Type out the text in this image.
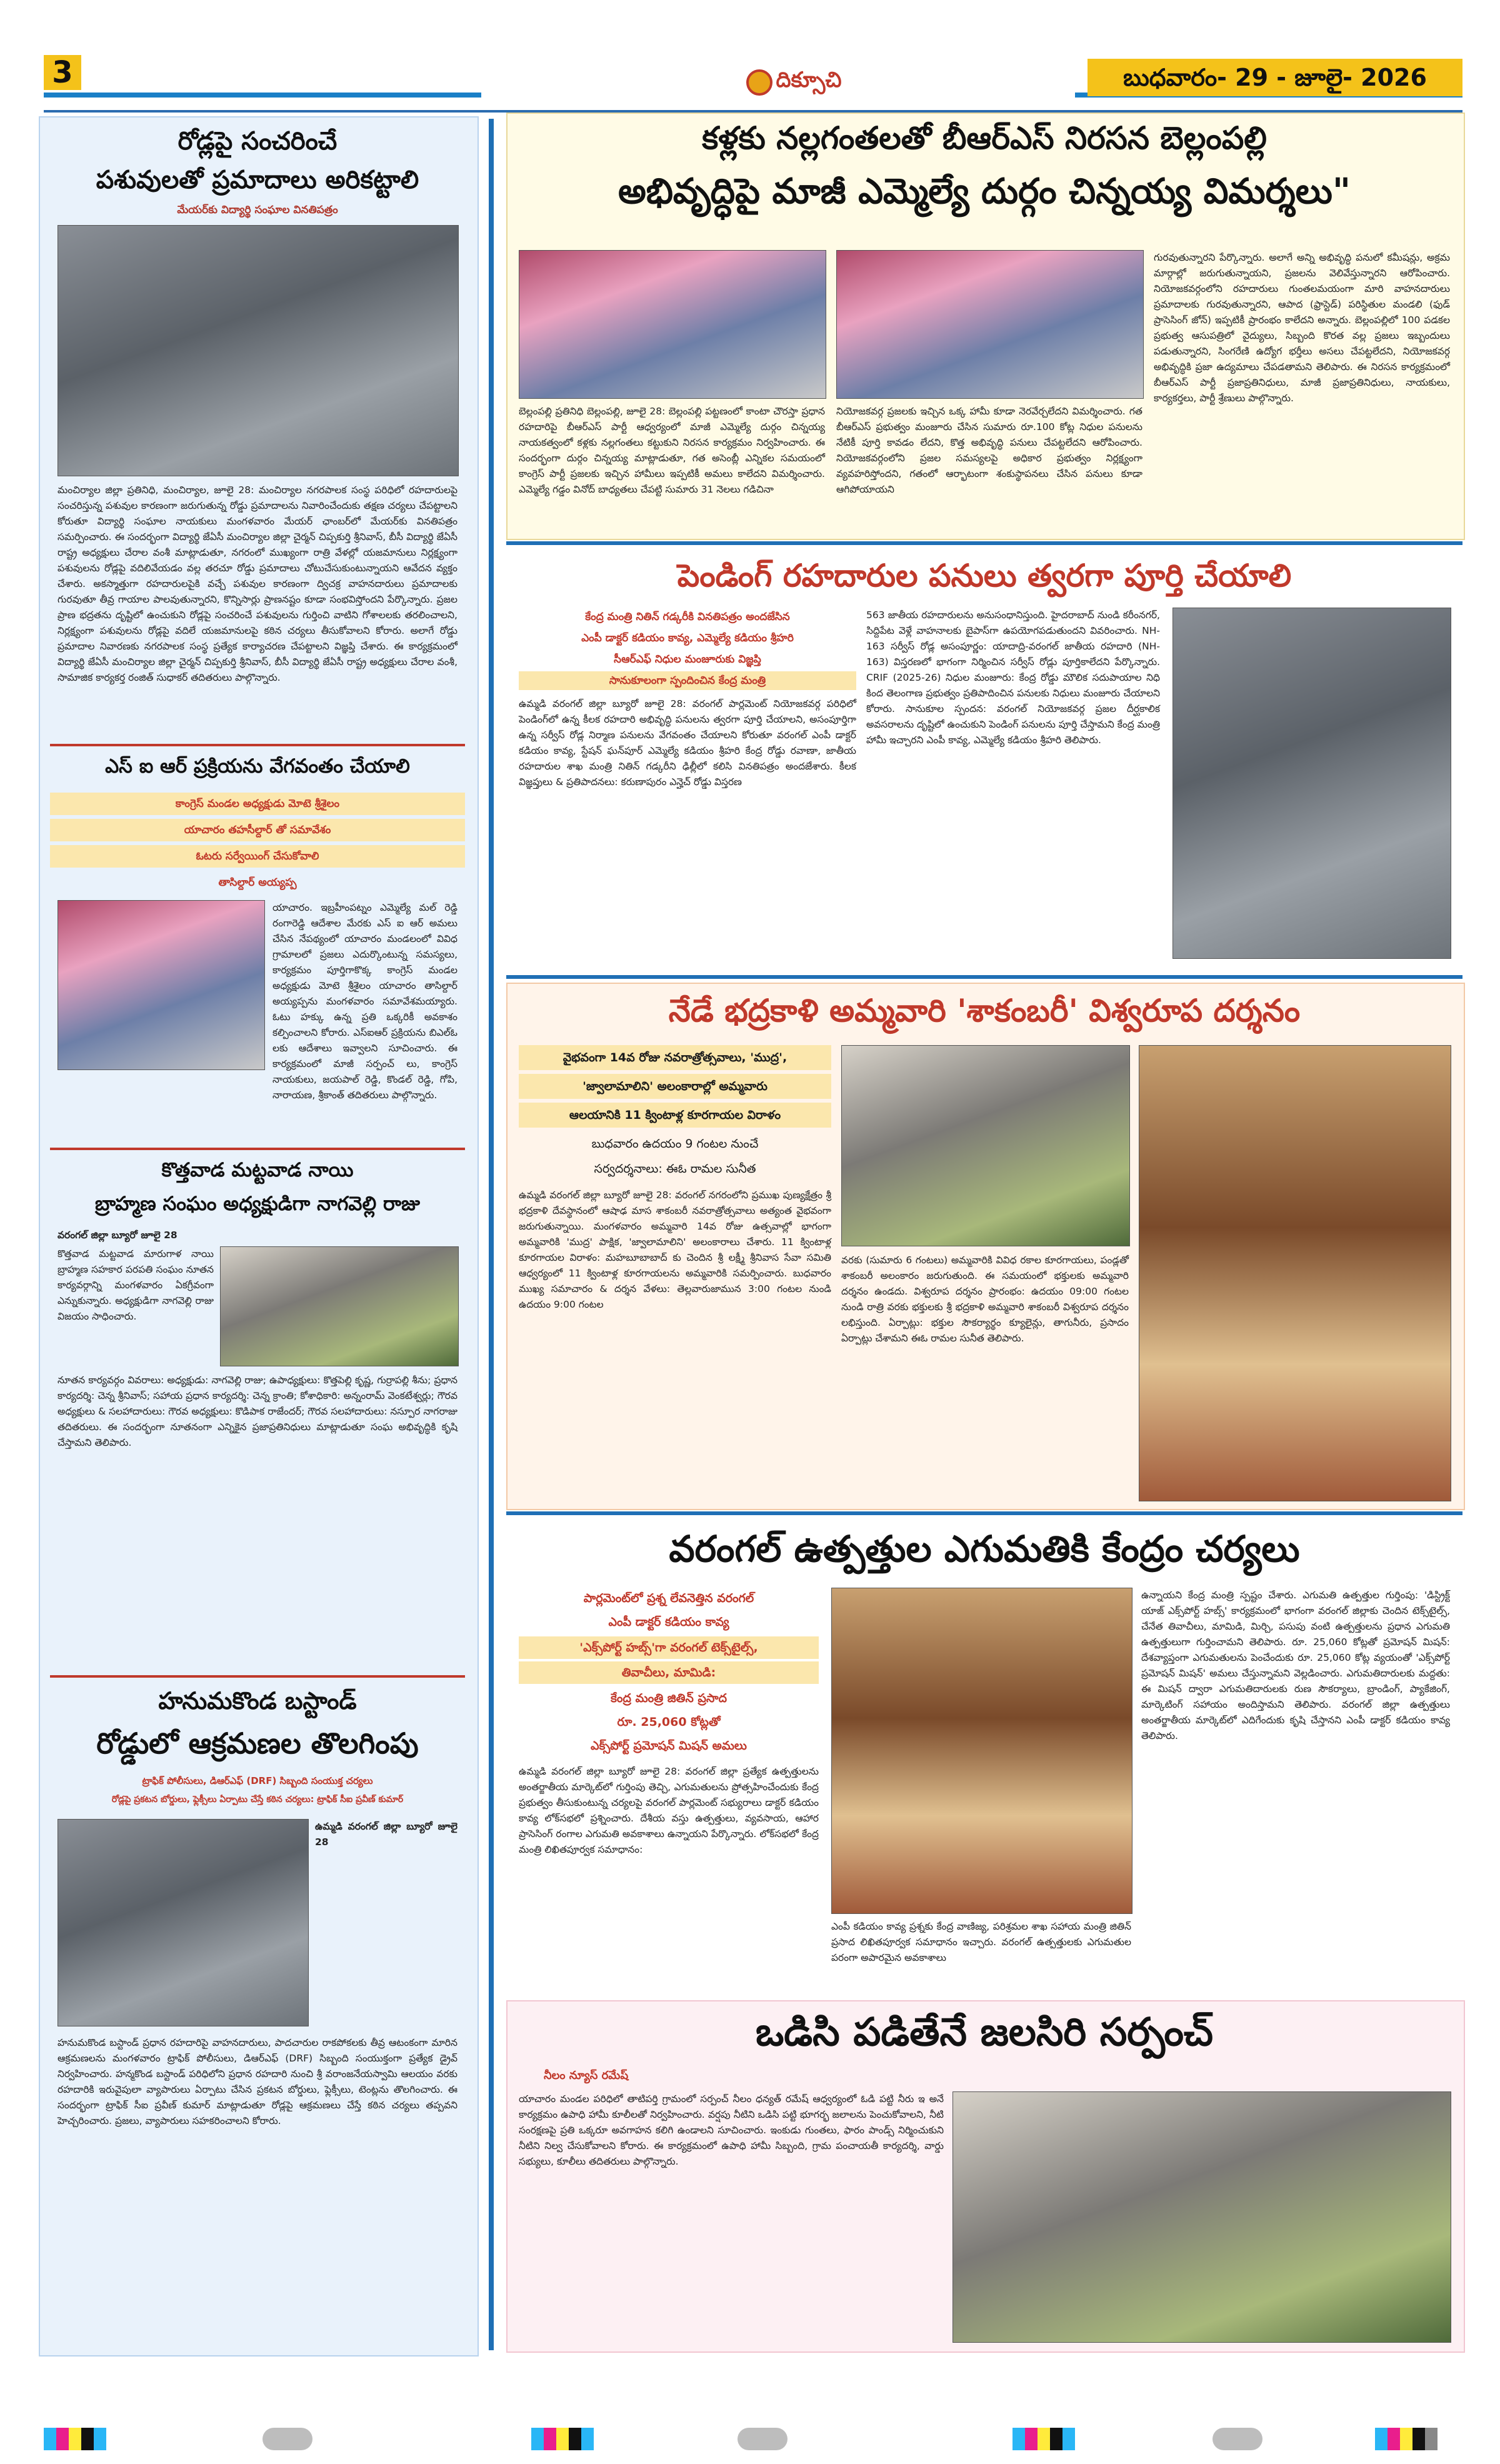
3	దిక్సూచి	బుధవారం- 29 - జూలై- 2026
రోడ్లపై సంచరించే
పశువులతో ప్రమాదాలు అరికట్టాలి
మేయర్‌కు విద్యార్థి సంఘాల వినతిపత్రం
మంచిర్యాల జిల్లా ప్రతినిధి, మంచిర్యాల, జూలై 28: మంచిర్యాల నగరపాలక సంస్థ పరిధిలో రహదారులపై సంచరిస్తున్న పశువుల కారణంగా జరుగుతున్న రోడ్డు ప్రమాదాలను నివారించేందుకు తక్షణ చర్యలు చేపట్టాలని కోరుతూ విద్యార్థి సంఘాల నాయకులు మంగళవారం మేయర్ ఛాంబర్‌లో మేయర్‌కు వినతిపత్రం సమర్పించారు. ఈ సందర్భంగా విద్యార్థి జేఏసీ మంచిర్యాల జిల్లా చైర్మన్ చిప్పకుర్తి శ్రీనివాస్, బీసీ విద్యార్థి జేఏసీ రాష్ట్ర అధ్యక్షులు చేరాల వంశీ మాట్లాడుతూ, నగరంలో ముఖ్యంగా రాత్రి వేళల్లో యజమానులు నిర్లక్ష్యంగా పశువులను రోడ్లపై వదిలివేయడం వల్ల తరచూ రోడ్డు ప్రమాదాలు చోటుచేసుకుంటున్నాయని ఆవేదన వ్యక్తం చేశారు. అకస్మాత్తుగా రహదారులపైకి వచ్చే పశువుల కారణంగా ద్విచక్ర వాహనదారులు ప్రమాదాలకు గురవుతూ తీవ్ర గాయాల పాలవుతున్నారని, కొన్నిసార్లు ప్రాణనష్టం కూడా సంభవిస్తోందని పేర్కొన్నారు. ప్రజల ప్రాణ భద్రతను దృష్టిలో ఉంచుకుని రోడ్లపై సంచరించే పశువులను గుర్తించి వాటిని గోశాలలకు తరలించాలని, నిర్లక్ష్యంగా పశువులను రోడ్లపై వదిలే యజమానులపై కఠిన చర్యలు తీసుకోవాలని కోరారు. అలాగే రోడ్డు ప్రమాదాల నివారణకు నగరపాలక సంస్థ ప్రత్యేక కార్యాచరణ చేపట్టాలని విజ్ఞప్తి చేశారు. ఈ కార్యక్రమంలో విద్యార్థి జేఏసీ మంచిర్యాల జిల్లా చైర్మన్ చిప్పకుర్తి శ్రీనివాస్, బీసీ విద్యార్థి జేఏసీ రాష్ట్ర అధ్యక్షులు చేరాల వంశీ, సామాజిక కార్యకర్త రంజిత్ సుధాకర్ తదితరులు పాల్గొన్నారు.
ఎస్ ఐ ఆర్ ప్రక్రియను వేగవంతం చేయాలి
కాంగ్రెస్ మండల అధ్యక్షుడు మోటె శ్రీశైలం
యాచారం తహసీల్దార్ తో సమావేశం
ఓటరు సర్వేయింగ్ చేసుకోవాలి
తాసిల్దార్ అయ్యప్ప
యాచారం. ఇబ్రహీంపట్నం ఎమ్మెల్యే మల్ రెడ్డి రంగారెడ్డి ఆదేశాల మేరకు ఎస్ ఐ ఆర్ అమలు చేసిన నేపథ్యంలో యాచారం మండలంలో వివిధ గ్రామాలలో ప్రజలు ఎదుర్కొంటున్న సమస్యలు, కార్యక్రమం పూర్తిగాకొక్క కాంగ్రెస్ మండల అధ్యక్షుడు మోటె శ్రీశైలం యాచారం తాసిల్దార్ అయ్యప్పను మంగళవారం సమావేశమయ్యారు. ఓటు హక్కు ఉన్న ప్రతి ఒక్కరికీ అవకాశం కల్పించాలని కోరారు. ఎస్ఐఆర్ ప్రక్రియను బిఎల్ఓ లకు ఆదేశాలు ఇవ్వాలని సూచించారు. ఈ కార్యక్రమంలో మాజీ సర్పంచ్ లు, కాంగ్రెస్ నాయకులు, జయపాల్ రెడ్డి, కొండల్ రెడ్డి, గోపి, నారాయణ, శ్రీకాంత్ తదితరులు పాల్గొన్నారు.
కొత్తవాడ మట్టవాడ నాయి
బ్రాహ్మణ సంఘం అధ్యక్షుడిగా నాగవెల్లి రాజు
వరంగల్ జిల్లా బ్యూరో జూలై 28
కొత్తవాడ మట్టవాడ మారుగాళ నాయి బ్రాహ్మణ సహకార పరపతి సంఘం నూతన కార్యవర్గాన్ని మంగళవారం ఏకగ్రీవంగా ఎన్నుకున్నారు. అధ్యక్షుడిగా నాగవెల్లి రాజు విజయం సాధించారు.
నూతన కార్యవర్గం వివరాలు: అధ్యక్షుడు: నాగవెల్లి రాజు; ఉపాధ్యక్షులు: కొత్తపెల్లి కృష్ణ, గుర్రాపల్లి శీను; ప్రధాన కార్యదర్శి: చెన్న శ్రీనివాస్; సహాయ ప్రధాన కార్యదర్శి: చెన్న క్రాంతి; కోశాధికారి: అన్నంరామ్ వెంకటేశ్వర్లు; గౌరవ అధ్యక్షులు & సలహాదారులు: గౌరవ అధ్యక్షులు: కొడిపాక రాజేందర్; గౌరవ సలహాదారులు: నస్పూర నాగరాజు తదితరులు. ఈ సందర్భంగా నూతనంగా ఎన్నికైన ప్రజాప్రతినిధులు మాట్లాడుతూ సంఘ అభివృద్ధికి కృషి చేస్తామని తెలిపారు.
హనుమకొండ బస్టాండ్
రోడ్డులో ఆక్రమణల తొలగింపు
ట్రాఫిక్ పోలీసులు, డిఆర్ఎఫ్ (DRF) సిబ్బంది సంయుక్త చర్యలు
రోడ్లపై ప్రకటన బోర్డులు, ఫ్లెక్సీలు ఏర్పాటు చేస్తే కఠిన చర్యలు: ట్రాఫిక్ సీఐ ప్రవీణ్ కుమార్
ఉమ్మడి వరంగల్ జిల్లా బ్యూరో జూలై 28
హనుమకొండ బస్టాండ్ ప్రధాన రహదారిపై వాహనదారులు, పాదచారుల రాకపోకలకు తీవ్ర ఆటంకంగా మారిన ఆక్రమణలను మంగళవారం ట్రాఫిక్ పోలీసులు, డిఆర్ఎఫ్ (DRF) సిబ్బంది సంయుక్తంగా ప్రత్యేక డ్రైవ్ నిర్వహించారు. హన్మకొండ బస్టాండ్ పరిధిలోని ప్రధాన రహదారి నుంచి శ్రీ వరాంజనేయస్వామి ఆలయం వరకు రహదారికి ఇరువైపులా వ్యాపారులు ఏర్పాటు చేసిన ప్రకటన బోర్డులు, ఫ్లెక్సీలు, టెంట్లను తొలగించారు. ఈ సందర్భంగా ట్రాఫిక్ సీఐ ప్రవీణ్ కుమార్ మాట్లాడుతూ రోడ్లపై ఆక్రమణలు చేస్తే కఠిన చర్యలు తప్పవని హెచ్చరించారు. ప్రజలు, వ్యాపారులు సహకరించాలని కోరారు.
కళ్లకు నల్లగంతలతో బీఆర్ఎస్ నిరసన బెల్లంపల్లి
అభివృద్ధిపై మాజీ ఎమ్మెల్యే దుర్గం చిన్నయ్య విమర్శలు"
బెల్లంపల్లి ప్రతినిధి బెల్లంపల్లి, జూలై 28: బెల్లంపల్లి పట్టణంలో కాంటా చౌరస్తా ప్రధాన రహదారిపై బీఆర్ఎస్ పార్టీ ఆధ్వర్యంలో మాజీ ఎమ్మెల్యే దుర్గం చిన్నయ్య నాయకత్వంలో కళ్లకు నల్లగంతలు కట్టుకుని నిరసన కార్యక్రమం నిర్వహించారు. ఈ సందర్భంగా దుర్గం చిన్నయ్య మాట్లాడుతూ, గత అసెంబ్లీ ఎన్నికల సమయంలో కాంగ్రెస్ పార్టీ ప్రజలకు ఇచ్చిన హామీలు ఇప్పటికీ అమలు కాలేదని విమర్శించారు. ఎమ్మెల్యే గడ్డం వినోద్ బాధ్యతలు చేపట్టి సుమారు 31 నెలలు గడిచినా
నియోజకవర్గ ప్రజలకు ఇచ్చిన ఒక్క హామీ కూడా నెరవేర్చలేదని విమర్శించారు. గత బీఆర్ఎస్ ప్రభుత్వం మంజూరు చేసిన సుమారు రూ.100 కోట్ల నిధుల పనులను నేటికీ పూర్తి కావడం లేదని, కొత్త అభివృద్ధి పనులు చేపట్టలేదని ఆరోపించారు. నియోజకవర్గంలోని ప్రజల సమస్యలపై అధికార ప్రభుత్వం నిర్లక్ష్యంగా వ్యవహరిస్తోందని, గతంలో ఆర్భాటంగా శంకుస్థాపనలు చేసిన పనులు కూడా ఆగిపోయాయని
గురవుతున్నారని పేర్కొన్నారు. అలాగే అన్ని అభివృద్ధి పనులో కమీషన్లు, అక్రమ మార్గాల్లో జరుగుతున్నాయని, ప్రజలను వెలివేస్తున్నారని ఆరోపించారు. నియోజకవర్గంలోని రహదారులు గుంతలమయంగా మారి వాహనదారులు ప్రమాదాలకు గురవుతున్నారని, ఆపాద (ఫ్రాస్టెడ్) పరిస్థితుల మండలి (ఫుడ్ ప్రాసెసింగ్ జోన్) ఇప్పటికీ ప్రారంభం కాలేదని అన్నారు. బెల్లంపల్లిలో 100 పడకల ప్రభుత్వ ఆసుపత్రిలో వైద్యులు, సిబ్బంది కొరత వల్ల ప్రజలు ఇబ్బందులు పడుతున్నారని, సింగరేణి ఉద్యోగ భర్తీలు అసలు చేపట్టలేదని, నియోజకవర్గ అభివృద్ధికి ప్రజా ఉద్యమాలు చేపడతామని తెలిపారు. ఈ నిరసన కార్యక్రమంలో బీఆర్ఎస్ పార్టీ ప్రజాప్రతినిధులు, మాజీ ప్రజాప్రతినిధులు, నాయకులు, కార్యకర్తలు, పార్టీ శ్రేణులు పాల్గొన్నారు.
పెండింగ్ రహదారుల పనులు త్వరగా పూర్తి చేయాలి
కేంద్ర మంత్రి నితిన్ గడ్కరీకి వినతిపత్రం అందజేసిన
ఎంపీ డాక్టర్ కడియం కావ్య, ఎమ్మెల్యే కడియం శ్రీహరి
సీఆర్ఎఫ్ నిధుల మంజూరుకు విజ్ఞప్తి
సానుకూలంగా స్పందించిన కేంద్ర మంత్రి
ఉమ్మడి వరంగల్ జిల్లా బ్యూరో జూలై 28: వరంగల్ పార్లమెంట్ నియోజకవర్గ పరిధిలో పెండింగ్‌లో ఉన్న కీలక రహదారి అభివృద్ధి పనులను త్వరగా పూర్తి చేయాలని, అసంపూర్తిగా ఉన్న సర్వీస్ రోడ్ల నిర్మాణ పనులను వేగవంతం చేయాలని కోరుతూ వరంగల్ ఎంపీ డాక్టర్ కడియం కావ్య, స్టేషన్ ఘన్‌పూర్ ఎమ్మెల్యే కడియం శ్రీహరి కేంద్ర రోడ్డు రవాణా, జాతీయ రహదారుల శాఖ మంత్రి నితిన్ గడ్కరీని ఢిల్లీలో కలిసి వినతిపత్రం అందజేశారు. కీలక విజ్ఞప్తులు & ప్రతిపాదనలు: కరుణాపురం ఎన్హెచ్ రోడ్డు విస్తరణ
563 జాతీయ రహదారులను అనుసంధానిస్తుంది. హైదరాబాద్ నుండి కరీంనగర్, సిద్దిపేట వెళ్లే వాహనాలకు బైపాస్‌గా ఉపయోగపడుతుందని వివరించారు. NH-163 సర్వీస్ రోడ్ల అసంపూర్ణం: యాదాద్రి-వరంగల్ జాతీయ రహదారి (NH-163) విస్తరణలో భాగంగా నిర్మించిన సర్వీస్ రోడ్లు పూర్తికాలేదని పేర్కొన్నారు. CRIF (2025-26) నిధుల మంజూరు: కేంద్ర రోడ్డు మౌలిక సదుపాయాల నిధి కింద తెలంగాణ ప్రభుత్వం ప్రతిపాదించిన పనులకు నిధులు మంజూరు చేయాలని కోరారు. సానుకూల స్పందన: వరంగల్ నియోజకవర్గ ప్రజల దీర్ఘకాలిక అవసరాలను దృష్టిలో ఉంచుకుని పెండింగ్ పనులను పూర్తి చేస్తామని కేంద్ర మంత్రి హామీ ఇచ్చారని ఎంపీ కావ్య, ఎమ్మెల్యే కడియం శ్రీహరి తెలిపారు.
నేడే భద్రకాళి అమ్మవారి 'శాకంబరీ' విశ్వరూప దర్శనం
వైభవంగా 14వ రోజు నవరాత్రోత్సవాలు, 'ముద్ర',
'జ్వాలామాలిని' అలంకారాల్లో అమ్మవారు
ఆలయానికి 11 క్వింటాళ్ల కూరగాయల విరాళం
బుధవారం ఉదయం 9 గంటల నుంచే
సర్వదర్శనాలు: ఈఓ రామల సునీత
ఉమ్మడి వరంగల్ జిల్లా బ్యూరో జూలై 28: వరంగల్ నగరంలోని ప్రముఖ పుణ్యక్షేత్రం శ్రీ భద్రకాళి దేవస్థానంలో ఆషాఢ మాస శాకంబరీ నవరాత్రోత్సవాలు అత్యంత వైభవంగా జరుగుతున్నాయి. మంగళవారం అమ్మవారి 14వ రోజు ఉత్సవాల్లో భాగంగా అమ్మవారికి 'ముద్ర' పాక్షిక, 'జ్వాలామాలిని' అలంకారాలు చేశారు. 11 క్వింటాళ్ల కూరగాయల విరాళం: మహబూబాబాద్ కు చెందిన శ్రీ లక్ష్మీ శ్రీనివాస సేవా సమితి ఆధ్వర్యంలో 11 క్వింటాళ్ల కూరగాయలను అమ్మవారికి సమర్పించారు. బుధవారం ముఖ్య సమాచారం & దర్శన వేళలు: తెల్లవారుజామున 3:00 గంటల నుండి ఉదయం 9:00 గంటల
వరకు (సుమారు 6 గంటలు) అమ్మవారికి వివిధ రకాల కూరగాయలు, పండ్లతో శాకంబరీ అలంకారం జరుగుతుంది. ఈ సమయంలో భక్తులకు అమ్మవారి దర్శనం ఉండదు. విశ్వరూప దర్శనం ప్రారంభం: ఉదయం 09:00 గంటల నుండి రాత్రి వరకు భక్తులకు శ్రీ భద్రకాళి అమ్మవారి శాకంబరీ విశ్వరూప దర్శనం లభిస్తుంది. ఏర్పాట్లు: భక్తుల సౌకర్యార్థం క్యూలైన్లు, తాగునీరు, ప్రసాదం ఏర్పాట్లు చేశామని ఈఓ రామల సునీత తెలిపారు.
వరంగల్ ఉత్పత్తుల ఎగుమతికి కేంద్రం చర్యలు
పార్లమెంట్‌లో ప్రశ్న లేవనెత్తిన వరంగల్
ఎంపీ డాక్టర్ కడియం కావ్య
'ఎక్స్‌పోర్ట్ హబ్స్'గా వరంగల్ టెక్స్‌టైల్స్,
తివాచీలు, మామిడి:
కేంద్ర మంత్రి జితిన్ ప్రసాద
రూ. 25,060 కోట్లతో
ఎక్స్‌పోర్ట్ ప్రమోషన్ మిషన్ అమలు
ఉమ్మడి వరంగల్ జిల్లా బ్యూరో జూలై 28: వరంగల్ జిల్లా ప్రత్యేక ఉత్పత్తులను అంతర్జాతీయ మార్కెట్‌లో గుర్తింపు తెచ్చి, ఎగుమతులను ప్రోత్సహించేందుకు కేంద్ర ప్రభుత్వం తీసుకుంటున్న చర్యలపై వరంగల్ పార్లమెంట్ సభ్యురాలు డాక్టర్ కడియం కావ్య లోక్‌సభలో ప్రశ్నించారు. దేశీయ వస్తు ఉత్పత్తులు, వ్యవసాయ, ఆహార ప్రాసెసింగ్ రంగాల ఎగుమతి అవకాశాలు ఉన్నాయని పేర్కొన్నారు. లోక్‌సభలో కేంద్ర మంత్రి లిఖితపూర్వక సమాధానం:
ఎంపీ కడియం కావ్య ప్రశ్నకు కేంద్ర వాణిజ్య, పరిశ్రమల శాఖ సహాయ మంత్రి జితిన్ ప్రసాద లిఖితపూర్వక సమాధానం ఇచ్చారు. వరంగల్ ఉత్పత్తులకు ఎగుమతుల పరంగా అపారమైన అవకాశాలు
ఉన్నాయని కేంద్ర మంత్రి స్పష్టం చేశారు. ఎగుమతి ఉత్పత్తుల గుర్తింపు: 'డిస్ట్రిక్ట్ యాజ్ ఎక్స్‌పోర్ట్ హబ్స్' కార్యక్రమంలో భాగంగా వరంగల్ జిల్లాకు చెందిన టెక్స్‌టైల్స్, చేనేత తివాచీలు, మామిడి, మిర్చి, పసుపు వంటి ఉత్పత్తులను ప్రధాన ఎగుమతి ఉత్పత్తులుగా గుర్తించామని తెలిపారు. రూ. 25,060 కోట్లతో ప్రమోషన్ మిషన్: దేశవ్యాప్తంగా ఎగుమతులను పెంచేందుకు రూ. 25,060 కోట్ల వ్యయంతో 'ఎక్స్‌పోర్ట్ ప్రమోషన్ మిషన్' అమలు చేస్తున్నామని వెల్లడించారు. ఎగుమతిదారులకు మద్దతు: ఈ మిషన్ ద్వారా ఎగుమతిదారులకు రుణ సౌకర్యాలు, బ్రాండింగ్, ప్యాకేజింగ్, మార్కెటింగ్ సహాయం అందిస్తామని తెలిపారు. వరంగల్ జిల్లా ఉత్పత్తులు అంతర్జాతీయ మార్కెట్‌లో ఎదిగేందుకు కృషి చేస్తానని ఎంపీ డాక్టర్ కడియం కావ్య తెలిపారు.
ఒడిసి పడితేనే జలసిరి సర్పంచ్
నీలం న్యూస్ రమేష్
యాచారం మండల పరిధిలో తాటిపర్తి గ్రామంలో సర్పంచ్ నీలం ధన్యత్ రమేష్ ఆధ్వర్యంలో ఓడి పట్టి నీరు ఇ అనే కార్యక్రమం ఉపాధి హామీ కూలీలతో నిర్వహించారు. వర్షపు నీటిని ఒడిసి పట్టి భూగర్భ జలాలను పెంచుకోవాలని, నీటి సంరక్షణపై ప్రతి ఒక్కరూ అవగాహన కలిగి ఉండాలని సూచించారు. ఇంకుడు గుంతలు, ఫారం పాండ్స్ నిర్మించుకుని నీటిని నిల్వ చేసుకోవాలని కోరారు. ఈ కార్యక్రమంలో ఉపాధి హామీ సిబ్బంది, గ్రామ పంచాయతీ కార్యదర్శి, వార్డు సభ్యులు, కూలీలు తదితరులు పాల్గొన్నారు.
